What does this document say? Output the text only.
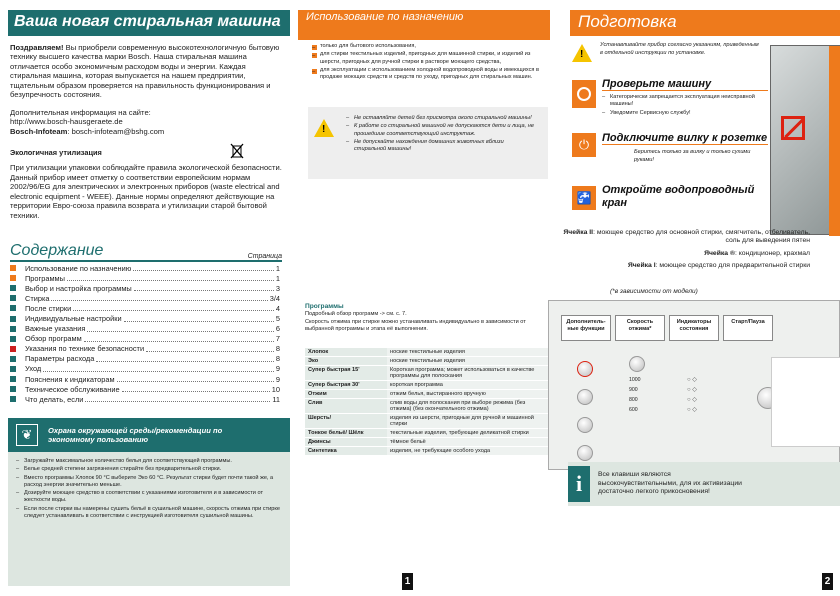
Ваша новая стиральная машина

Поздравляем! Вы приобрели современную высокотехнологичную бытовую технику высшего качества марки Bosch. Наша стиральная машина отличается особо экономичным расходом воды и энергии. Каждая стиральная машина, которая выпускается на нашем предприятии, тщательным образом проверяется на правильность функционирования и безупречность состояния.

Дополнительная информация на сайте:

http://www.bosch-hausgeraete.de

Bosch-Infoteam: bosch-infoteam@bshg.com

Экологичная утилизация

При утилизации упаковки соблюдайте правила экологической безопасности.

Данный прибор имеет отметку о соответствии европейским нормам 2002/96/EG для электрических и электронных приборов (waste electrical and electronic equipment - WEEE). Данные нормы определяют действующие на территории Евро-союза правила возврата и утилизации старой бытовой техники.

Содержание	Страница
Использование по назначению	1
Программы	1
Выбор и настройка программы	3
Стирка	3/4
После стирки	4
Индивидуальные настройки	5
Важные указания	6
Обзор программ	7
Указания по технике безопасности	8
Параметры расхода	8
Уход	9
Пояснения к индикаторам	9
Техническое обслуживание	10
Что делать, если	11
❦	Охрана окружающей среды/рекомендации по экономному пользованию
– Загружайте максимальное количество белья для соответствующей программы.
– Белье средней степени загрязнения стирайте без предварительной стирки.
– Вместо программы Хлопок 90 °C выберите Эко 60 °C. Результат стирки будет почти такой же, а расход энергии значительно меньше.
– Дозируйте моющее средство в соответствии с указаниями изготовителя и в зависимости от жесткости воды.
– Если после стирки вы намерены сушить бельё в сушильной машине, скорость отжима при стирке следует устанавливать в соответствии с инструкцией изготовителя сушильной машины.
Использование по назначению
– только для бытового использования,
– для стирки текстильных изделий, пригодных для машинной стирки, и изделий из шерсти, пригодных для ручной стирки в растворе моющего средства,
– для эксплуатации с использованием холодной водопроводной воды и имеющихся в продаже моющих средств и средств по уходу, пригодных для стиральных машин.
!
– Не оставляйте детей без присмотра около стиральной машины!
– К работе со стиральной машиной не допускаются дети и лица, не прошедшие соответствующий инструктаж.
– Не допускайте нахождения домашних животных вблизи стиральной машины!

Программы

Подробный обзор программ -> см. с. 7.

Скорость отжима при стирке можно устанавливать индивидуально в зависимости от выбранной программы и этапа её выполнения.

Хлопок	ноские текстильные изделия
Эко	ноские текстильные изделия
Супер быстрая 15'	Короткая программа; может использоваться в качестве программы для полоскания
Супер быстрая 30'	короткая программа
Отжим	отжим белья, выстиранного вручную
Слив	слив воды для полоскания при выборе режима (без отжима) (без окончательного отжима)
Шерсть/	изделия из шерсти, пригодные для ручной и машинной стирки
Тонкое бельё/ Шёлк	текстильные изделия, требующие деликатной стирки
Джинсы	тёмное бельё
Синтетика	изделия, не требующие особого ухода
1
Подготовка
!

Устанавливайте прибор согласно указаниям, приведенным в отдельной инструкции по установке.

Проверьте машину
– Категорически запрещается эксплуатация неисправной машины!
– Уведомите Сервисную службу!
⏻	Подключите вилку к розетке

Беритесь только за вилку и только сухими руками!

🚰
Откройте водопроводный кран

Ячейка II: моющее средство для основной стирки, смягчитель, отбеливатель, соль для выведения пятен

Ячейка ®: кондиционер, крахмал

Ячейка I: моющее средство для предварительной стирки

(*в зависимости от модели)

Дополнитель-ные функции
Скорость отжима*
Индикаторы состояния
Старт/Пауза
1000
900
800
600
○ ◇
○ ◇
○ ◇
○ ◇
i	Все клавиши являются высокочувствительными, для их активизации достаточно легкого прикосновения!

2
